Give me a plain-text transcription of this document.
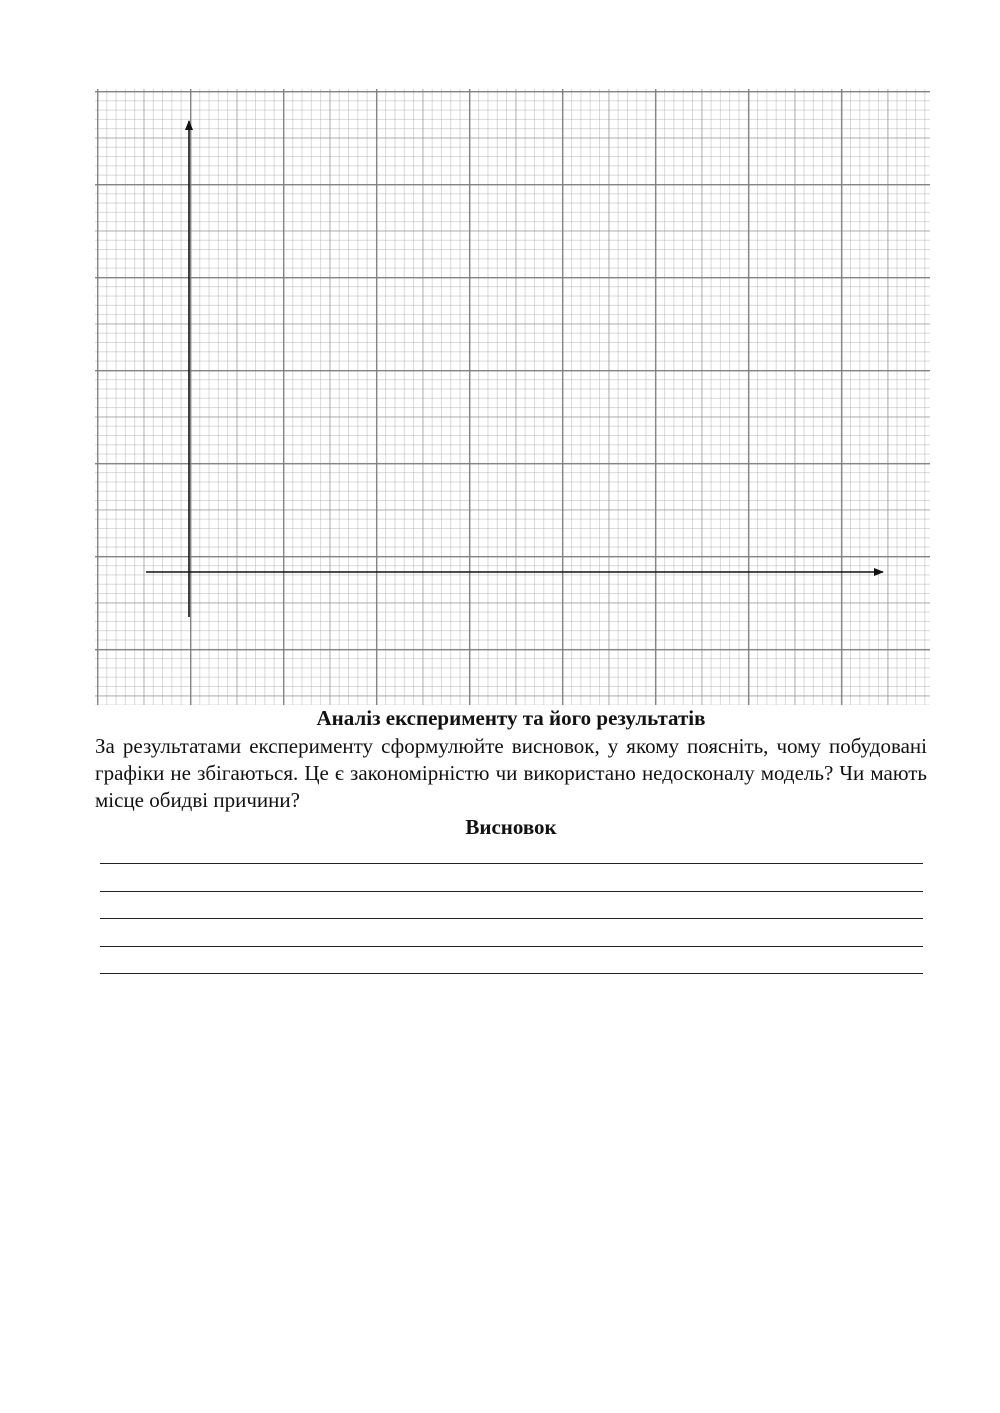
Аналіз експерименту та його результатів

За результатами експерименту сформулюйте висновок, у якому поясніть, чому побудовані графіки не збігаються. Це є закономірністю чи використано недосконалу модель? Чи мають місце обидві причини?

Висновок
